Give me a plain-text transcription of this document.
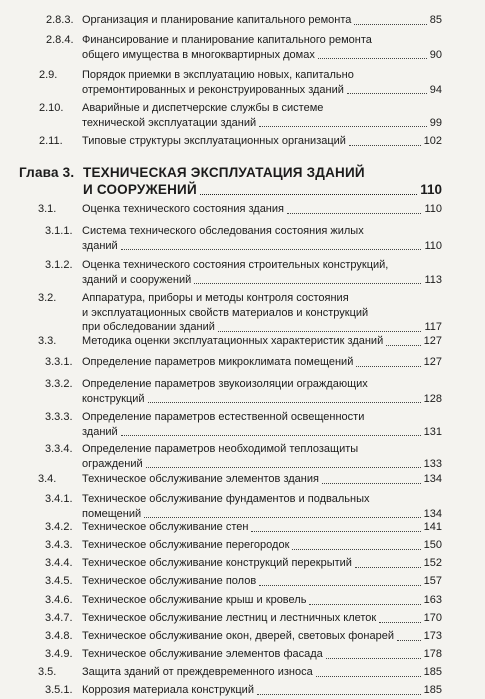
2.8.3. Организация и планирование капитального ремонта	85
2.8.4. Финансирование и планирование капитального ремонта
общего имущества в многоквартирных домах	90
2.9. Порядок приемки в эксплуатацию новых, капитально
отремонтированных и реконструированных зданий	94
2.10. Аварийные и диспетчерские службы в системе
технической эксплуатации зданий	99
2.11. Типовые структуры эксплуатационных организаций	102
Глава 3. ТЕХНИЧЕСКАЯ ЭКСПЛУАТАЦИЯ ЗДАНИЙ
И СООРУЖЕНИЙ	110
3.1. Оценка технического состояния здания	110
3.1.1. Система технического обследования состояния жилых
зданий	110
3.1.2. Оценка технического состояния строительных конструкций,
зданий и сооружений	113
3.2. Аппаратура, приборы и методы контроля состояния
и эксплуатационных свойств материалов и конструкций
при обследовании зданий	117
3.3. Методика оценки эксплуатационных характеристик зданий	127
3.3.1. Определение параметров микроклимата помещений	127
3.3.2. Определение параметров звукоизоляции ограждающих
конструкций	128
3.3.3. Определение параметров естественной освещенности
зданий	131
3.3.4. Определение параметров необходимой теплозащиты
ограждений	133
3.4. Техническое обслуживание элементов здания	134
3.4.1. Техническое обслуживание фундаментов и подвальных
помещений	134
3.4.2. Техническое обслуживание стен	141
3.4.3. Техническое обслуживание перегородок	150
3.4.4. Техническое обслуживание конструкций перекрытий	152
3.4.5. Техническое обслуживание полов	157
3.4.6. Техническое обслуживание крыш и кровель	163
3.4.7. Техническое обслуживание лестниц и лестничных клеток	170
3.4.8. Техническое обслуживание окон, дверей, световых фонарей	173
3.4.9. Техническое обслуживание элементов фасада	178
3.5. Защита зданий от преждевременного износа	185
3.5.1. Коррозия материала конструкций	185
